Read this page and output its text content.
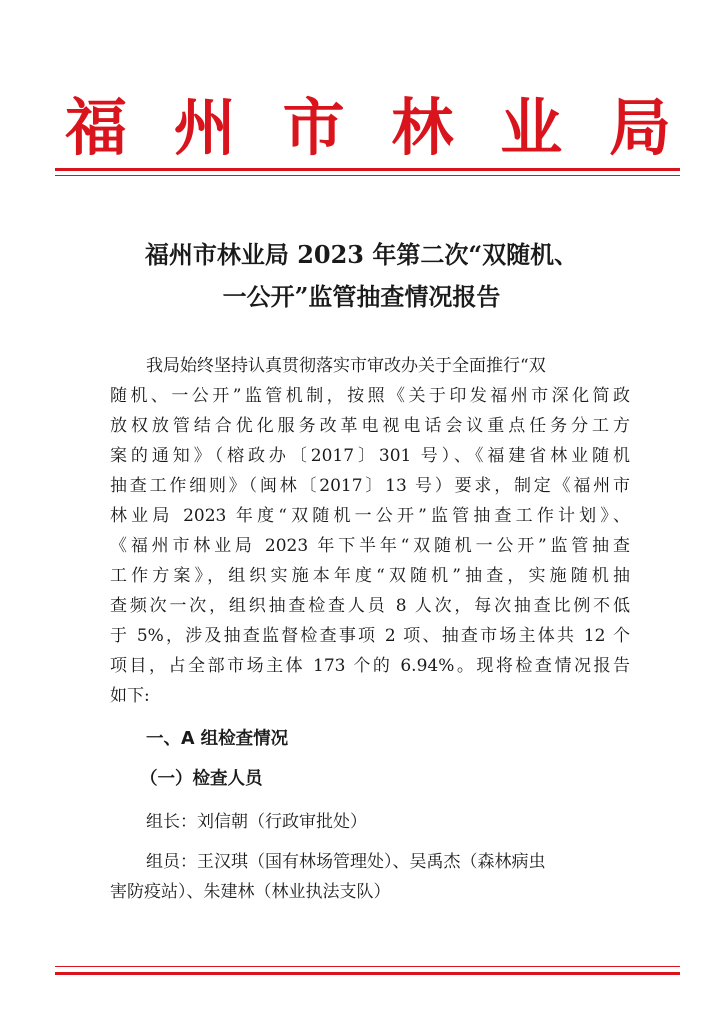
福 州 市 林 业 局
福州市林业局 2023 年第二次“双随机、
一公开”监管抽查情况报告
我局始终坚持认真贯彻落实市审改办关于全面推行“双
随机、一公开”监管机制，按照《关于印发福州市深化简政
放权放管结合优化服务改革电视电话会议重点任务分工方
案的通知》（榕政办〔2017〕301 号）、《福建省林业随机
抽查工作细则》（闽林〔2017〕13 号）要求，制定《福州市
林业局 2023 年度“双随机一公开”监管抽查工作计划》、
《福州市林业局 2023 年下半年“双随机一公开”监管抽查
工作方案》，组织实施本年度“双随机”抽查，实施随机抽
查频次一次，组织抽查检查人员 8 人次，每次抽查比例不低
于 5%，涉及抽查监督检查事项 2 项、抽查市场主体共 12 个
项目，占全部市场主体 173 个的 6.94%。现将检查情况报告
如下:
一、A 组检查情况
（一）检查人员
组长：刘信朝（行政审批处）
组员：王汉琪（国有林场管理处）、吴禹杰（森林病虫
害防疫站）、朱建林（林业执法支队）
